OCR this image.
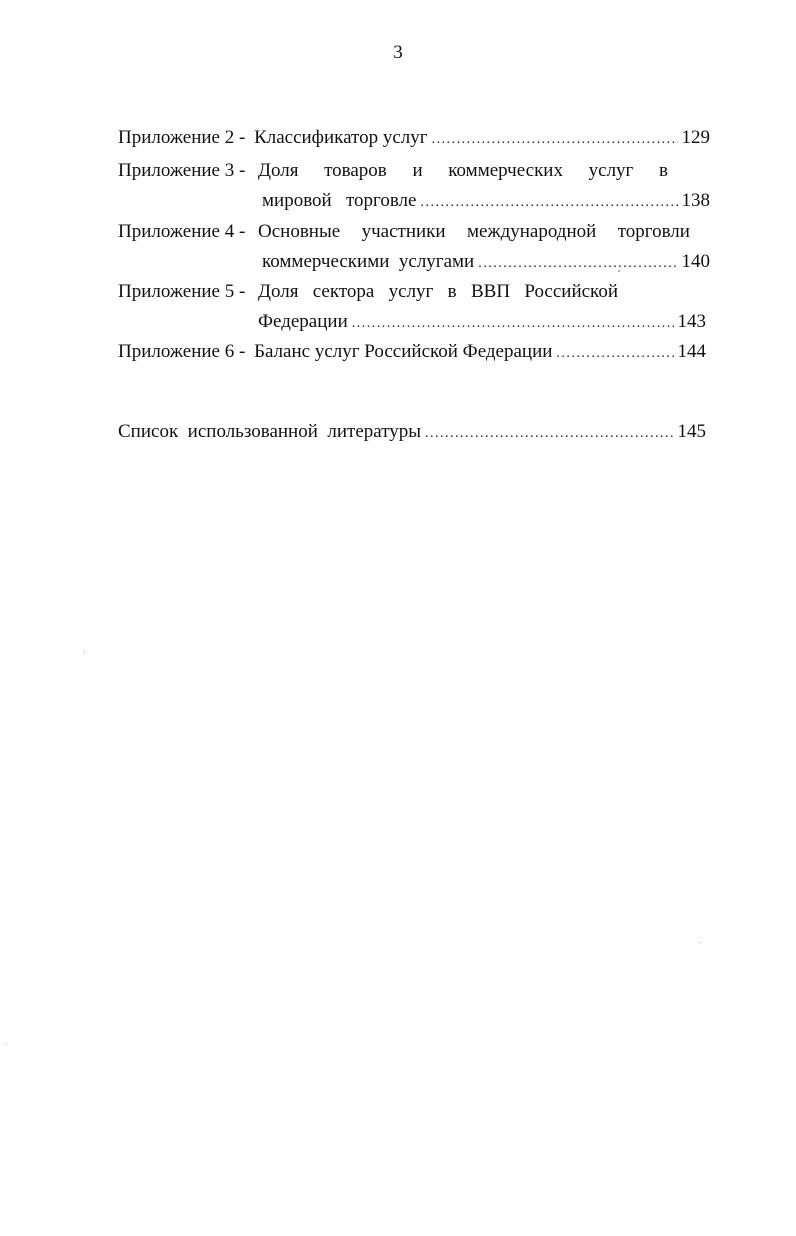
3
Приложение 2 - Классификатор услуг .....	129
Приложение 3 - Доля товаров и коммерческих услуг в
мировой   торговле .....	138
Приложение 4 - Основные участники международной торговли
коммерческими  услугами .....	140
Приложение 5 - Доля сектора услуг в ВВП Российской
Федерации .....	143
Приложение 6 - Баланс услуг Российской Федерации .....	144
Список  использованной  литературы .....	145
